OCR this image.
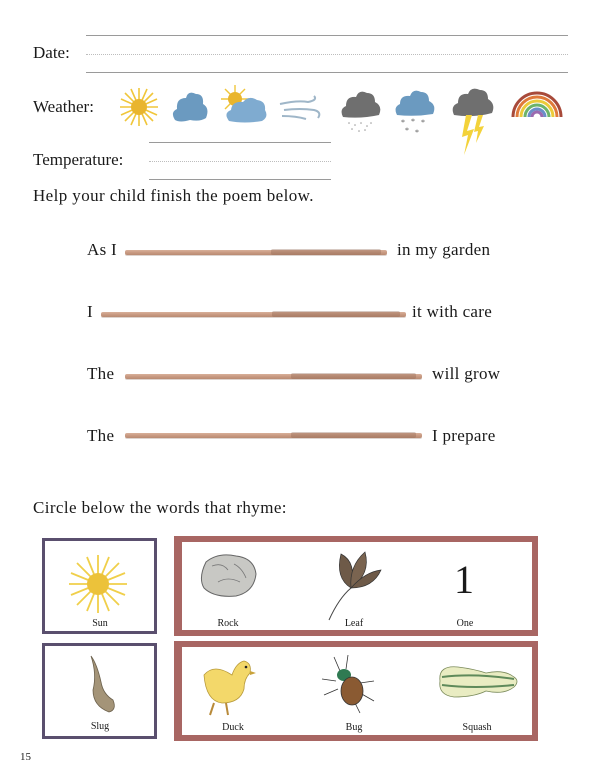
Date:
Weather:
* * *
* *
Temperature:
Help your child finish the poem below.
As I	in my garden
I	it with care
The	will grow
The	I prepare
Circle below the words that rhyme:
Sun	Rock	Leaf
1
One
Slug	Duck	Bug	Squash
15
